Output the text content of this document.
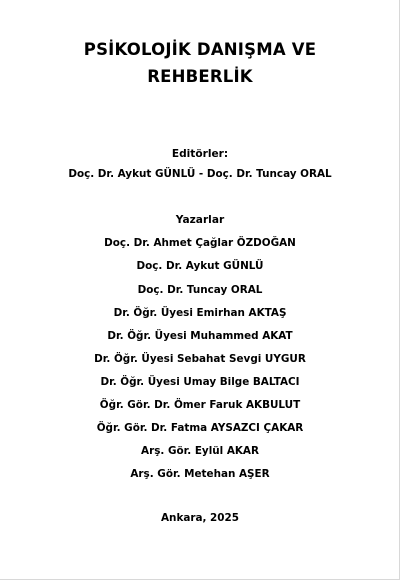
PSİKOLOJİK DANIŞMA VE
REHBERLİK
Editörler:
Doç. Dr. Aykut GÜNLÜ - Doç. Dr. Tuncay ORAL
Yazarlar
Doç. Dr. Ahmet Çağlar ÖZDOĞAN
Doç. Dr. Aykut GÜNLÜ
Doç. Dr. Tuncay ORAL
Dr. Öğr. Üyesi Emirhan AKTAŞ
Dr. Öğr. Üyesi Muhammed AKAT
Dr. Öğr. Üyesi Sebahat Sevgi UYGUR
Dr. Öğr. Üyesi Umay Bilge BALTACI
Öğr. Gör. Dr. Ömer Faruk AKBULUT
Öğr. Gör. Dr. Fatma AYSAZCI ÇAKAR
Arş. Gör. Eylül AKAR
Arş. Gör. Metehan AŞER
Ankara, 2025
